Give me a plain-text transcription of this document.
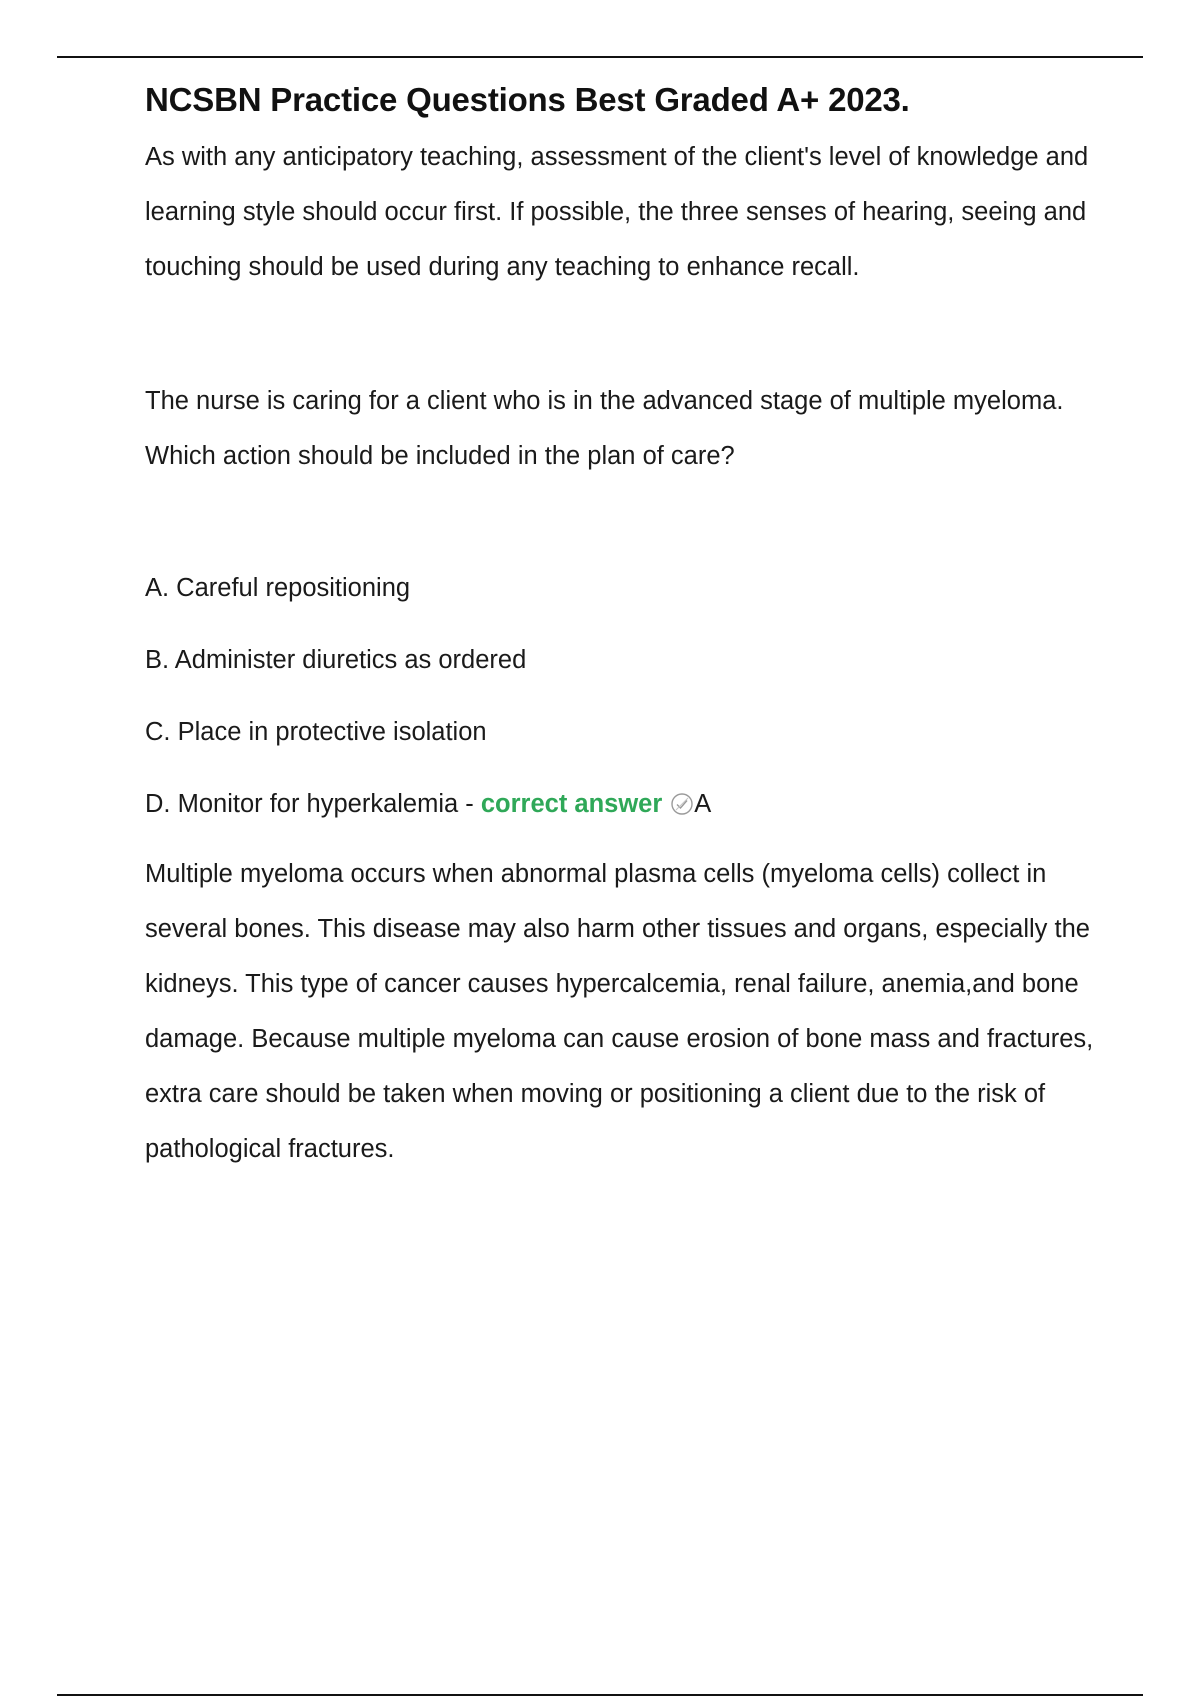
NCSBN Practice Questions Best Graded A+ 2023.

As with any anticipatory teaching, assessment of the client's level of knowledge and learning style should occur first. If possible, the three senses of hearing, seeing and touching should be used during any teaching to enhance recall.

The nurse is caring for a client who is in the advanced stage of multiple myeloma. Which action should be included in the plan of care?

A. Careful repositioning

B. Administer diuretics as ordered

C. Place in protective isolation

D. Monitor for hyperkalemia - correct answer A

Multiple myeloma occurs when abnormal plasma cells (myeloma cells) collect in several bones. This disease may also harm other tissues and organs, especially the kidneys. This type of cancer causes hypercalcemia, renal failure, anemia,and bone damage. Because multiple myeloma can cause erosion of bone mass and fractures, extra care should be taken when moving or positioning a client due to the risk of pathological fractures.
